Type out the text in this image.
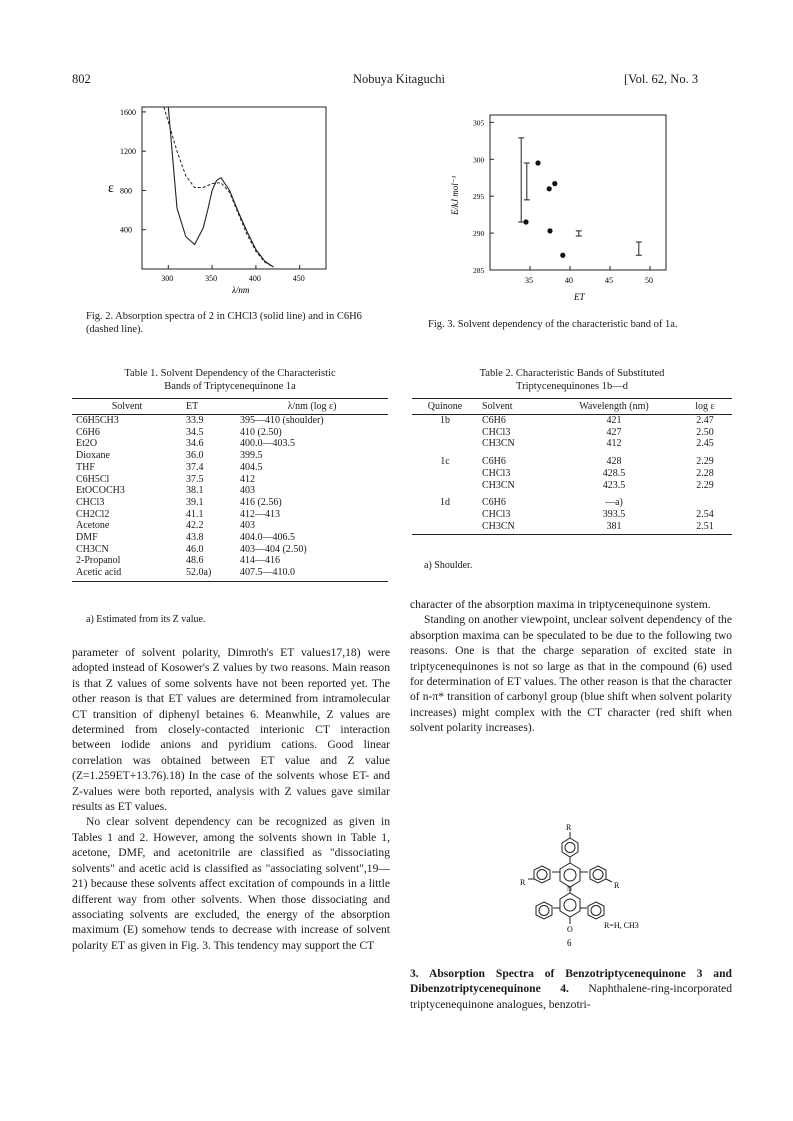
802	Nobuya Kitaguchi	[Vol. 62, No. 3
300	350	400	450
400
800
1200
1600
ε
λ/nm
Fig. 2. Absorption spectra of 2 in CHCl3 (solid line) and in C6H6 (dashed line).
35	40	45	50
285
290
295
300
305
E/kJ mol⁻¹
ET
Fig. 3. Solvent dependency of the characteristic band of 1a.
Table 1. Solvent Dependency of the Characteristic
Bands of Triptycenequinone 1a
Solvent	ET	λ/nm (log ε)
C6H5CH3	33.9	395—410 (shoulder)
C6H6	34.5	410 (2.50)
Et2O	34.6	400.0—403.5
Dioxane	36.0	399.5
THF	37.4	404.5
C6H5Cl	37.5	412
EtOCOCH3	38.1	403
CHCl3	39.1	416 (2.56)
CH2Cl2	41.1	412—413
Acetone	42.2	403
DMF	43.8	404.0—406.5
CH3CN	46.0	403—404 (2.50)
2-Propanol	48.6	414—416
Acetic acid	52.0a)	407.5—410.0
a) Estimated from its Z value.
Table 2. Characteristic Bands of Substituted
Triptycenequinones 1b—d
Quinone	Solvent	Wavelength (nm)	log ε
1b	C6H6	421	2.47
	CHCl3	427	2.50
	CH3CN	412	2.45
1c	C6H6	428	2.29
	CHCl3	428.5	2.28
	CH3CN	423.5	2.29
1d	C6H6	—a)	
	CHCl3	393.5	2.54
	CH3CN	381	2.51
a) Shoulder.

parameter of solvent polarity, Dimroth's ET values17,18) were adopted instead of Kosower's Z values by two reasons. Main reason is that Z values of some solvents have not been reported yet. The other reason is that ET values are determined from intramolecular CT transition of diphenyl betaines 6. Meanwhile, Z values are determined from closely-contacted interionic CT interaction between iodide anions and pyridium cations. Good linear correlation was obtained between ET value and Z value (Z=1.259ET+13.76).18) In the case of the solvents whose ET- and Z-values were both reported, analysis with Z values gave similar results as ET values.

No clear solvent dependency can be recognized as given in Tables 1 and 2. However, among the solvents shown in Table 1, acetone, DMF, and acetonitrile are classified as "dissociating solvents" and acetic acid is classified as "associating solvent",19—21) because these solvents affect excitation of compounds in a little different way from other solvents. When those dissociating and associating solvents are excluded, the energy of the absorption maximum (E) somehow tends to decrease with increase of solvent polarity ET as given in Fig. 3. This tendency may support the CT

character of the absorption maxima in triptycenequinone system.

Standing on another viewpoint, unclear solvent dependency of the absorption maxima can be speculated to be due to the following two reasons. One is that the charge separation of excited state in triptycenequinones is not so large as that in the compound (6) used for determination of ET values. The other reason is that the character of n-π* transition of carbonyl group (blue shift when solvent polarity increases) might complex with the CT character (red shift when solvent polarity increases).

R
R	R
N
O	R=H, CH3
6

3. Absorption Spectra of Benzotriptycenequinone 3 and Dibenzotriptycenequinone 4. Naphthalene-ring-incorporated triptycenequinone analogues, benzotri-
